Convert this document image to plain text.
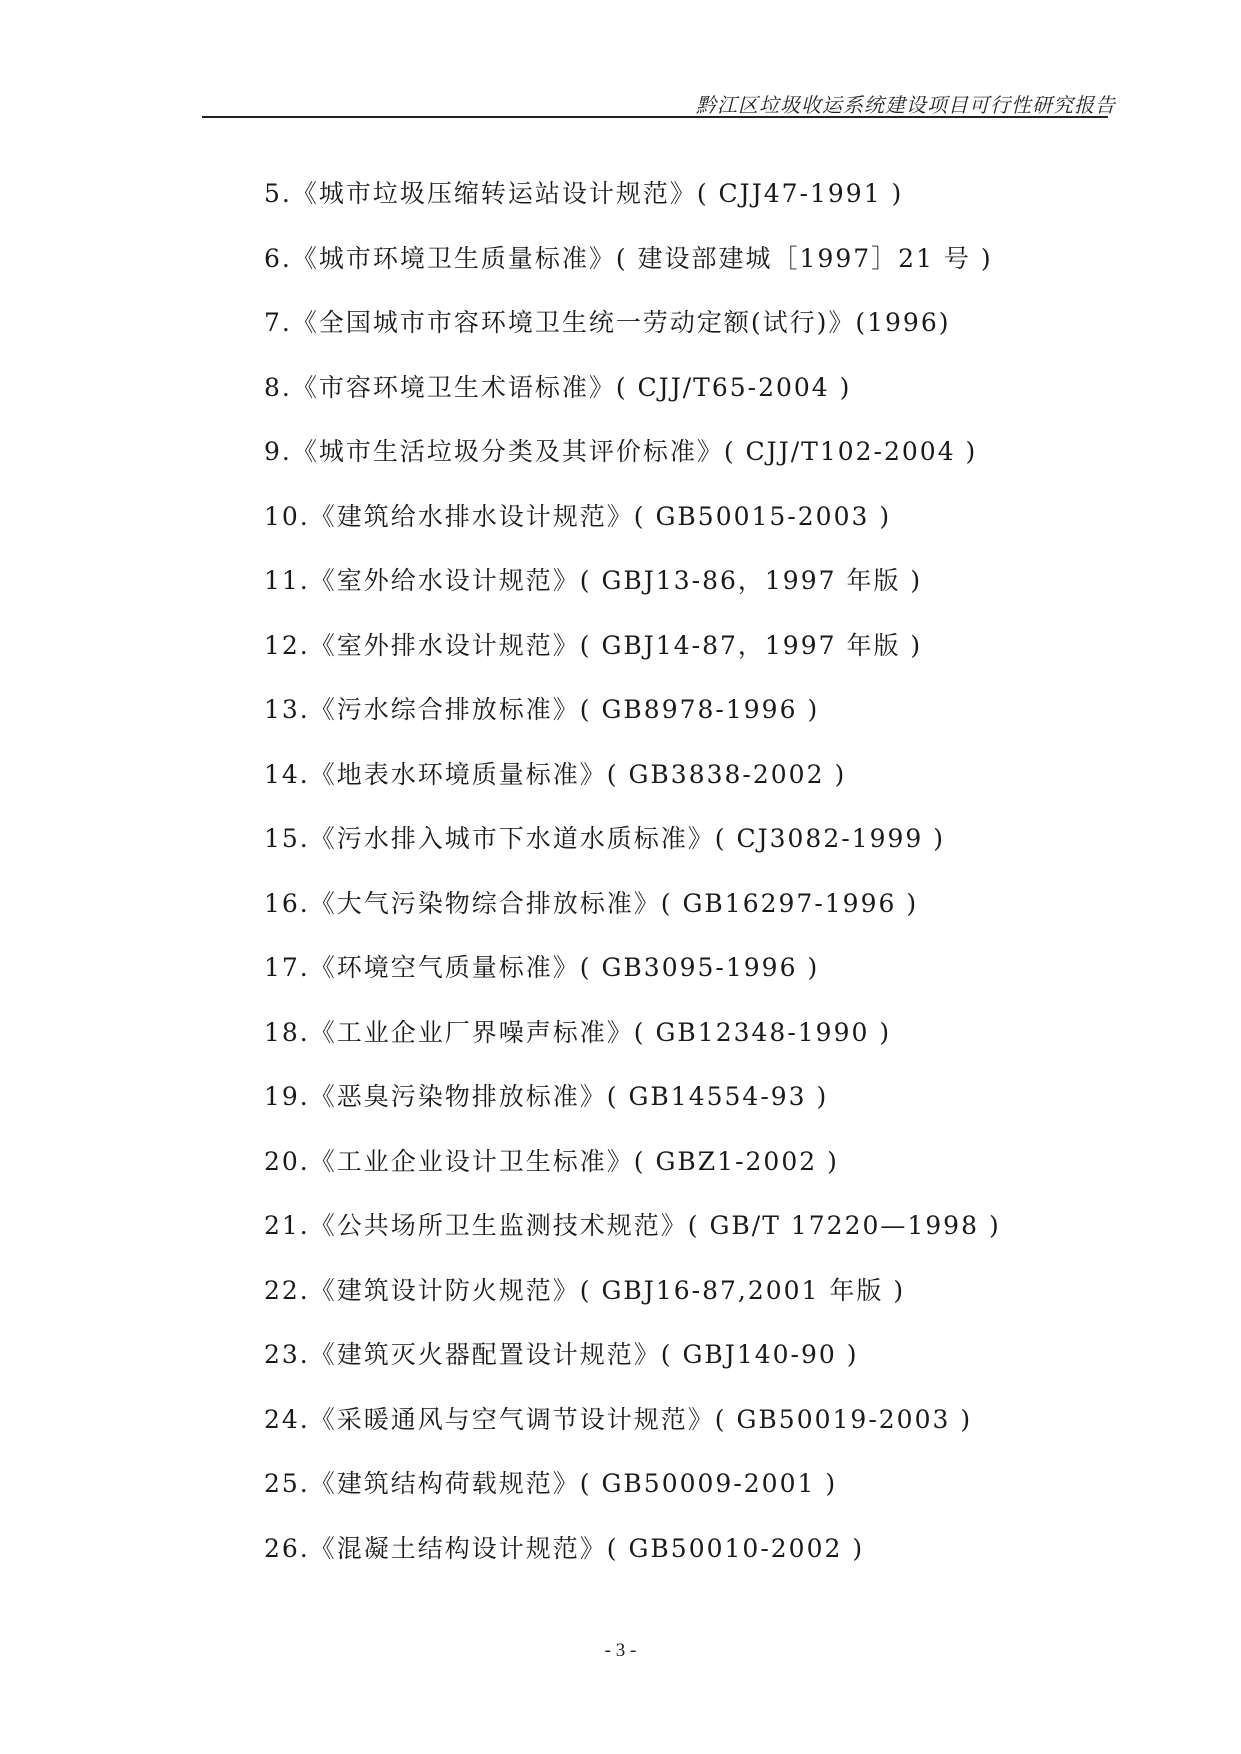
黔江区垃圾收运系统建设项目可行性研究报告
5.《城市垃圾压缩转运站设计规范》( CJJ47-1991 )
6.《城市环境卫生质量标准》( 建设部建城［1997］21 号 )
7.《全国城市市容环境卫生统一劳动定额(试行)》(1996)
8.《市容环境卫生术语标准》( CJJ/T65-2004 )
9.《城市生活垃圾分类及其评价标准》( CJJ/T102-2004 )
10.《建筑给水排水设计规范》( GB50015-2003 )
11.《室外给水设计规范》( GBJ13-86，1997 年版 )
12.《室外排水设计规范》( GBJ14-87，1997 年版 )
13.《污水综合排放标准》( GB8978-1996 )
14.《地表水环境质量标准》( GB3838-2002 )
15.《污水排入城市下水道水质标准》( CJ3082-1999 )
16.《大气污染物综合排放标准》( GB16297-1996 )
17.《环境空气质量标准》( GB3095-1996 )
18.《工业企业厂界噪声标准》( GB12348-1990 )
19.《恶臭污染物排放标准》( GB14554-93 )
20.《工业企业设计卫生标准》( GBZ1-2002 )
21.《公共场所卫生监测技术规范》( GB/T 17220—1998 )
22.《建筑设计防火规范》( GBJ16-87,2001 年版 )
23.《建筑灭火器配置设计规范》( GBJ140-90 )
24.《采暖通风与空气调节设计规范》( GB50019-2003 )
25.《建筑结构荷载规范》( GB50009-2001 )
26.《混凝土结构设计规范》( GB50010-2002 )
- 3 -
